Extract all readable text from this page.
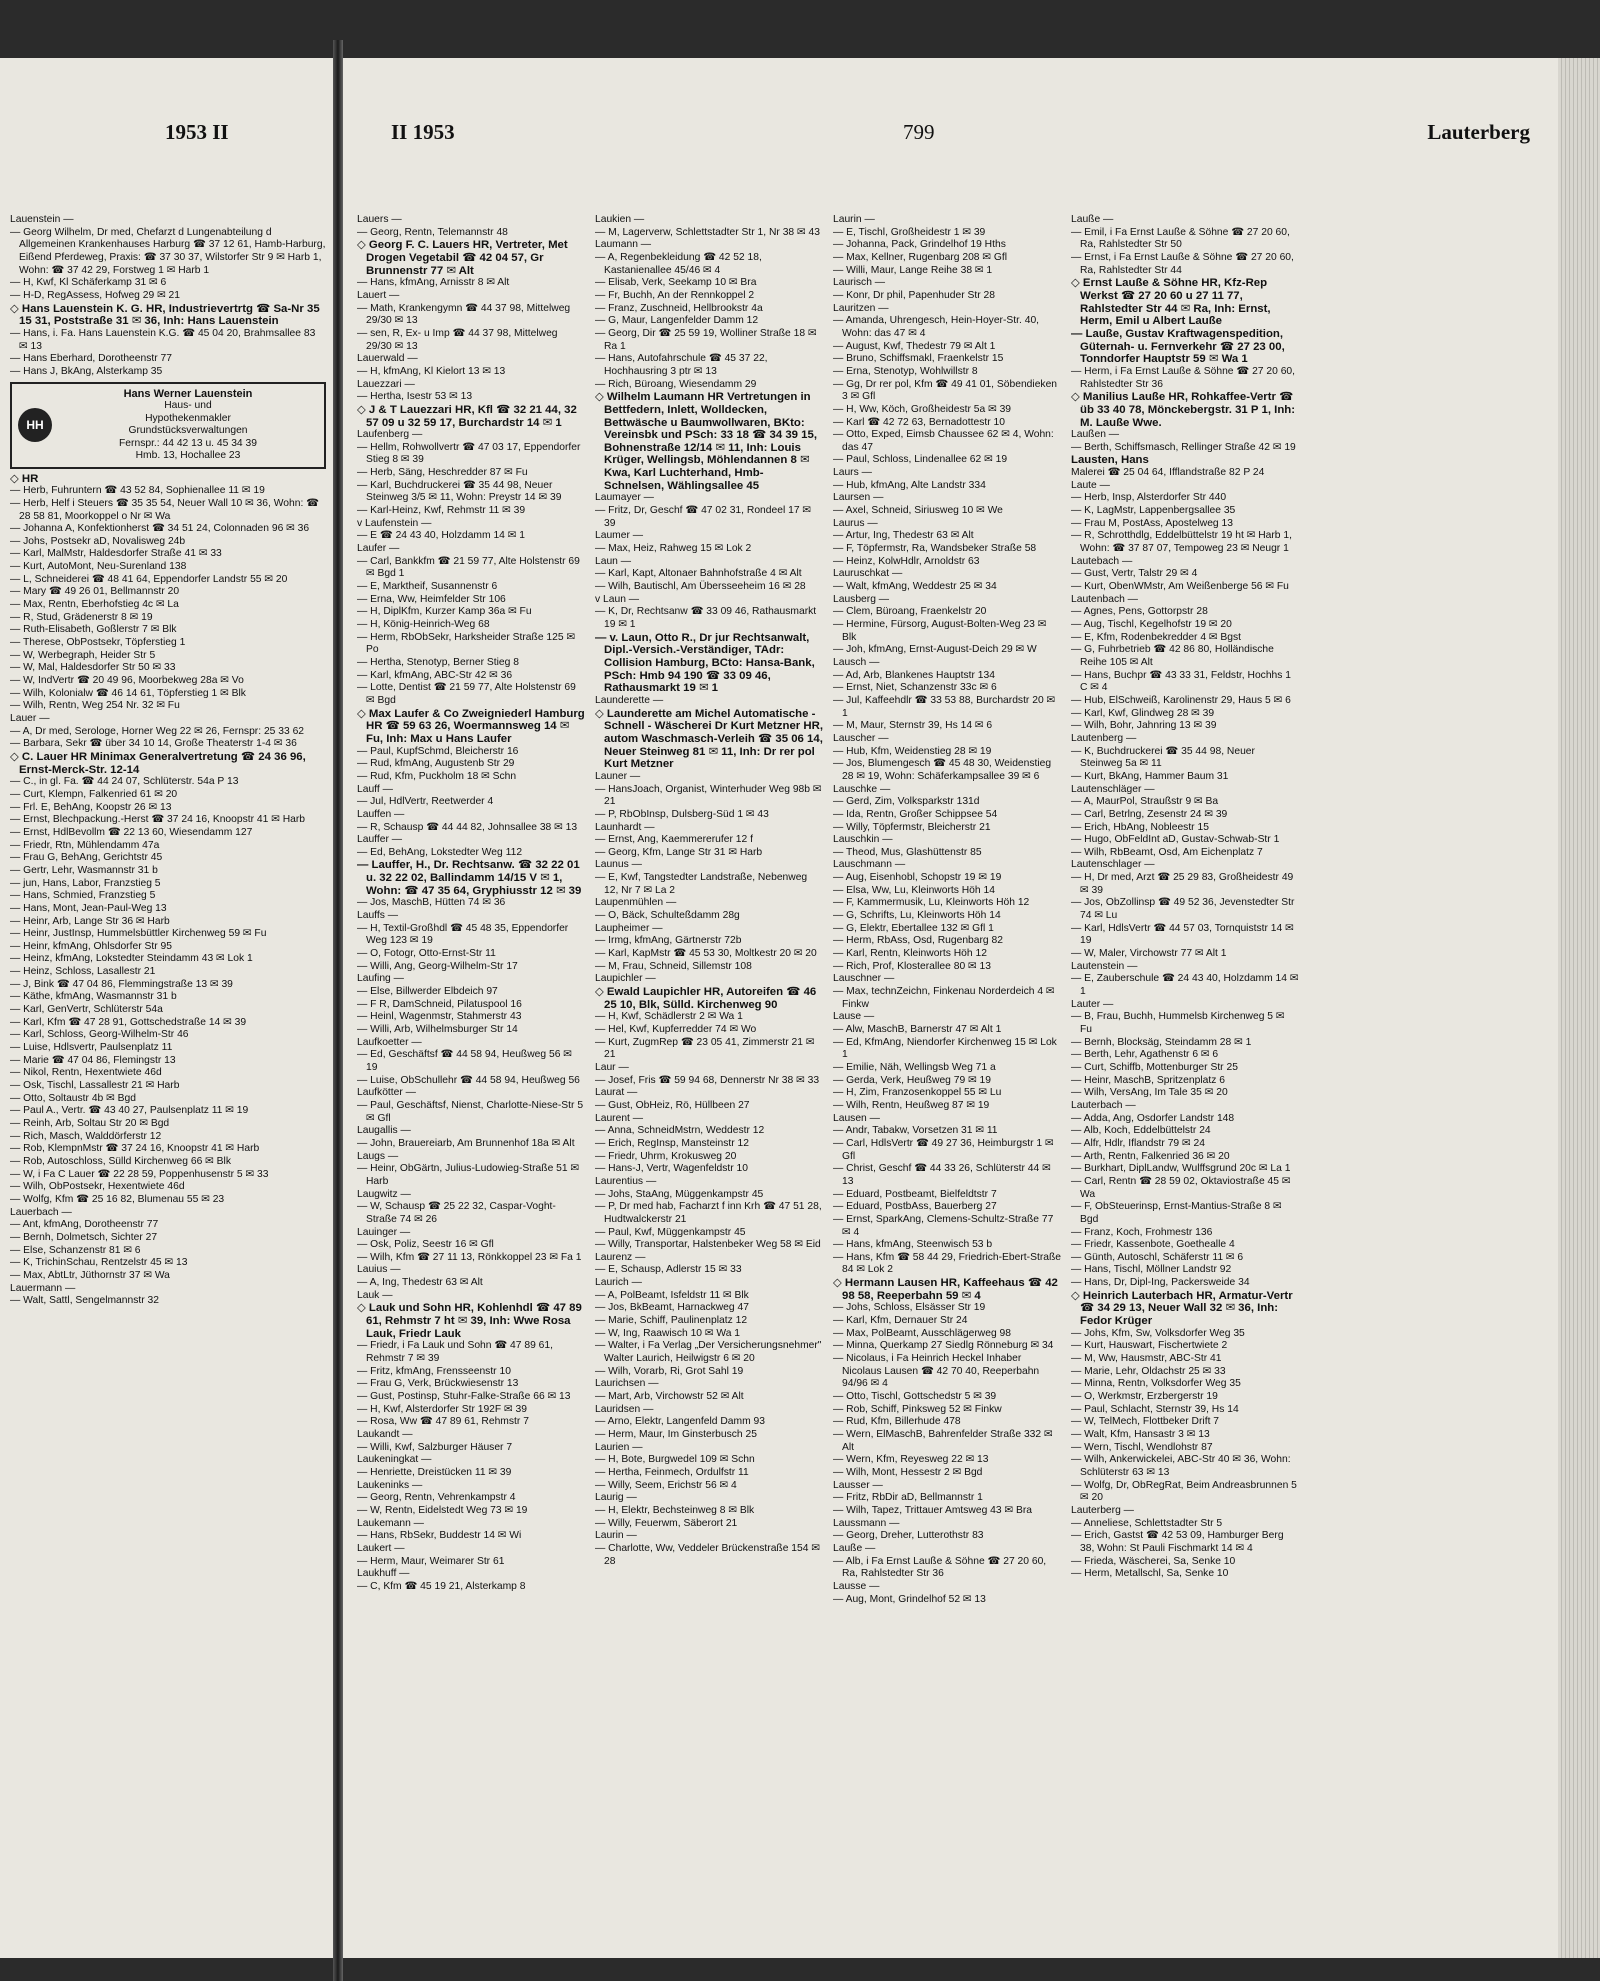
1953 II

Lauenstein —

— Georg Wilhelm, Dr med, Chefarzt d Lungenabteilung d Allgemeinen Krankenhauses Harburg ☎ 37 12 61, Hamb-Harburg, Eißend Pferdeweg, Praxis: ☎ 37 30 37, Wilstorfer Str 9 ✉ Harb 1, Wohn: ☎ 37 42 29, Forstweg 1 ✉ Harb 1

— H, Kwf, Kl Schäferkamp 31 ✉ 6

— H-D, RegAssess, Hofweg 29 ✉ 21

◇ Hans Lauenstein K. G. HR, Industrievertrtg ☎ Sa-Nr 35 15 31, Poststraße 31 ✉ 36, Inh: Hans Lauenstein

— Hans, i. Fa. Hans Lauenstein K.G. ☎ 45 04 20, Brahmsallee 83 ✉ 13

— Hans Eberhard, Dorotheenstr 77

— Hans J, BkAng, Alsterkamp 35

HH
Hans Werner Lauenstein
Haus- und
Hypothekenmakler
Grundstücksverwaltungen
Fernspr.: 44 42 13 u. 45 34 39
Hmb. 13, Hochallee 23

◇ HR

— Herb, Fuhruntern ☎ 43 52 84, Sophienallee 11 ✉ 19

— Herb, Helf i Steuers ☎ 35 35 54, Neuer Wall 10 ✉ 36, Wohn: ☎ 28 58 81, Moorkoppel o Nr ✉ Wa

— Johanna A, Konfektionherst ☎ 34 51 24, Colonnaden 96 ✉ 36

— Johs, Postsekr aD, Novalisweg 24b

— Karl, MalMstr, Haldesdorfer Straße 41 ✉ 33

— Kurt, AutoMont, Neu-Surenland 138

— L, Schneiderei ☎ 48 41 64, Eppendorfer Landstr 55 ✉ 20

— Mary ☎ 49 26 01, Bellmannstr 20

— Max, Rentn, Eberhofstieg 4c ✉ La

— R, Stud, Grädenerstr 8 ✉ 19

— Ruth-Elisabeth, Goßlerstr 7 ✉ Blk

— Therese, ObPostsekr, Töpferstieg 1

— W, Werbegraph, Heider Str 5

— W, Mal, Haldesdorfer Str 50 ✉ 33

— W, IndVertr ☎ 20 49 96, Moorbekweg 28a ✉ Vo

— Wilh, Kolonialw ☎ 46 14 61, Töpferstieg 1 ✉ Blk

— Wilh, Rentn, Weg 254 Nr. 32 ✉ Fu

Lauer —

— A, Dr med, Serologe, Horner Weg 22 ✉ 26, Fernspr: 25 33 62

— Barbara, Sekr ☎ über 34 10 14, Große Theaterstr 1-4 ✉ 36

◇ C. Lauer HR Minimax Generalvertretung ☎ 24 36 96, Ernst-Merck-Str. 12-14

— C., in gl. Fa. ☎ 44 24 07, Schlüterstr. 54a P 13

— Curt, Klempn, Falkenried 61 ✉ 20

— Frl. E, BehAng, Koopstr 26 ✉ 13

— Ernst, Blechpackung.-Herst ☎ 37 24 16, Knoopstr 41 ✉ Harb

— Ernst, HdlBevollm ☎ 22 13 60, Wiesendamm 127

— Friedr, Rtn, Mühlendamm 47a

— Frau G, BehAng, Gerichtstr 45

— Gertr, Lehr, Wasmannstr 31 b

— jun, Hans, Labor, Franzstieg 5

— Hans, Schmied, Franzstieg 5

— Hans, Mont, Jean-Paul-Weg 13

— Heinr, Arb, Lange Str 36 ✉ Harb

— Heinr, JustInsp, Hummelsbüttler Kirchenweg 59 ✉ Fu

— Heinr, kfmAng, Ohlsdorfer Str 95

— Heinz, kfmAng, Lokstedter Steindamm 43 ✉ Lok 1

— Heinz, Schloss, Lasallestr 21

— J, Bink ☎ 47 04 86, Flemmingstraße 13 ✉ 39

— Käthe, kfmAng, Wasmannstr 31 b

— Karl, GenVertr, Schlüterstr 54a

— Karl, Kfm ☎ 47 28 91, Gottschedstraße 14 ✉ 39

— Karl, Schloss, Georg-Wilhelm-Str 46

— Luise, Hdlsvertr, Paulsenplatz 11

— Marie ☎ 47 04 86, Flemingstr 13

— Nikol, Rentn, Hexentwiete 46d

— Osk, Tischl, Lassallestr 21 ✉ Harb

— Otto, Soltaustr 4b ✉ Bgd

— Paul A., Vertr. ☎ 43 40 27, Paulsenplatz 11 ✉ 19

— Reinh, Arb, Soltau Str 20 ✉ Bgd

— Rich, Masch, Walddörferstr 12

— Rob, KlempnMstr ☎ 37 24 16, Knoopstr 41 ✉ Harb

— Rob, Autoschloss, Sülld Kirchenweg 66 ✉ Blk

— W, i Fa C Lauer ☎ 22 28 59, Poppenhusenstr 5 ✉ 33

— Wilh, ObPostsekr, Hexentwiete 46d

— Wolfg, Kfm ☎ 25 16 82, Blumenau 55 ✉ 23

Lauerbach —

— Ant, kfmAng, Dorotheenstr 77

— Bernh, Dolmetsch, Sichter 27

— Else, Schanzenstr 81 ✉ 6

— K, TrichinSchau, Rentzelstr 45 ✉ 13

— Max, AbtLtr, Jüthornstr 37 ✉ Wa

Lauermann —

— Walt, Sattl, Sengelmannstr 32

II 1953	799	Lauterberg

Lauers —

— Georg, Rentn, Telemannstr 48

◇ Georg F. C. Lauers HR, Vertreter, Met Drogen Vegetabil ☎ 42 04 57, Gr Brunnenstr 77 ✉ Alt

— Hans, kfmAng, Arnisstr 8 ✉ Alt

Lauert —

— Math, Krankengymn ☎ 44 37 98, Mittelweg 29/30 ✉ 13

— sen, R, Ex- u Imp ☎ 44 37 98, Mittelweg 29/30 ✉ 13

Lauerwald —

— H, kfmAng, Kl Kielort 13 ✉ 13

Lauezzari —

— Hertha, Isestr 53 ✉ 13

◇ J & T Lauezzari HR, Kfl ☎ 32 21 44, 32 57 09 u 32 59 17, Burchardstr 14 ✉ 1

Laufenberg —

— Hellm, Rohwollvertr ☎ 47 03 17, Eppendorfer Stieg 8 ✉ 39

— Herb, Säng, Heschredder 87 ✉ Fu

— Karl, Buchdruckerei ☎ 35 44 98, Neuer Steinweg 3/5 ✉ 11, Wohn: Preystr 14 ✉ 39

— Karl-Heinz, Kwf, Rehmstr 11 ✉ 39

v Laufenstein —

— E ☎ 24 43 40, Holzdamm 14 ✉ 1

Laufer —

— Carl, Bankkfm ☎ 21 59 77, Alte Holstenstr 69 ✉ Bgd 1

— E, Marktheif, Susannenstr 6

— Erna, Ww, Heimfelder Str 106

— H, DiplKfm, Kurzer Kamp 36a ✉ Fu

— H, König-Heinrich-Weg 68

— Herm, RbObSekr, Harksheider Straße 125 ✉ Po

— Hertha, Stenotyp, Berner Stieg 8

— Karl, kfmAng, ABC-Str 42 ✉ 36

— Lotte, Dentist ☎ 21 59 77, Alte Holstenstr 69 ✉ Bgd

◇ Max Laufer & Co Zweigniederl Hamburg HR ☎ 59 63 26, Woermannsweg 14 ✉ Fu, Inh: Max u Hans Laufer

— Paul, KupfSchmd, Bleicherstr 16

— Rud, kfmAng, Augustenb Str 29

— Rud, Kfm, Puckholm 18 ✉ Schn

Lauff —

— Jul, HdlVertr, Reetwerder 4

Lauffen —

— R, Schausp ☎ 44 44 82, Johnsallee 38 ✉ 13

Lauffer —

— Ed, BehAng, Lokstedter Weg 112

— Lauffer, H., Dr. Rechtsanw. ☎ 32 22 01 u. 32 22 02, Ballindamm 14/15 V ✉ 1, Wohn: ☎ 47 35 64, Gryphiusstr 12 ✉ 39

— Jos, MaschB, Hütten 74 ✉ 36

Lauffs —

— H, Textil-Großhdl ☎ 45 48 35, Eppendorfer Weg 123 ✉ 19

— O, Fotogr, Otto-Ernst-Str 11

— Willi, Ang, Georg-Wilhelm-Str 17

Laufing —

— Else, Billwerder Elbdeich 97

— F R, DamSchneid, Pilatuspool 16

— Heinl, Wagenmstr, Stahmerstr 43

— Willi, Arb, Wilhelmsburger Str 14

Laufkoetter —

— Ed, Geschäftsf ☎ 44 58 94, Heußweg 56 ✉ 19

— Luise, ObSchullehr ☎ 44 58 94, Heußweg 56

Laufkötter —

— Paul, Geschäftsf, Nienst, Charlotte-Niese-Str 5 ✉ Gfl

Laugallis —

— John, Brauereiarb, Am Brunnenhof 18a ✉ Alt

Laugs —

— Heinr, ObGärtn, Julius-Ludowieg-Straße 51 ✉ Harb

Laugwitz —

— W, Schausp ☎ 25 22 32, Caspar-Voght-Straße 74 ✉ 26

Lauinger —

— Osk, Poliz, Seestr 16 ✉ Gfl

— Wilh, Kfm ☎ 27 11 13, Rönkkoppel 23 ✉ Fa 1

Lauius —

— A, Ing, Thedestr 63 ✉ Alt

Lauk —

◇ Lauk und Sohn HR, Kohlenhdl ☎ 47 89 61, Rehmstr 7 ht ✉ 39, Inh: Wwe Rosa Lauk, Friedr Lauk

— Friedr, i Fa Lauk und Sohn ☎ 47 89 61, Rehmstr 7 ✉ 39

— Fritz, kfmAng, Frensseenstr 10

— Frau G, Verk, Brückwiesenstr 13

— Gust, Postinsp, Stuhr-Falke-Straße 66 ✉ 13

— H, Kwf, Alsterdorfer Str 192F ✉ 39

— Rosa, Ww ☎ 47 89 61, Rehmstr 7

Laukandt —

— Willi, Kwf, Salzburger Häuser 7

Laukeningkat —

— Henriette, Dreistücken 11 ✉ 39

Laukeninks —

— Georg, Rentn, Vehrenkampstr 4

— W, Rentn, Eidelstedt Weg 73 ✉ 19

Laukemann —

— Hans, RbSekr, Buddestr 14 ✉ Wi

Laukert —

— Herm, Maur, Weimarer Str 61

Laukhuff —

— C, Kfm ☎ 45 19 21, Alsterkamp 8

Laukien —

— M, Lagerverw, Schlettstadter Str 1, Nr 38 ✉ 43

Laumann —

— A, Regenbekleidung ☎ 42 52 18, Kastanienallee 45/46 ✉ 4

— Elisab, Verk, Seekamp 10 ✉ Bra

— Fr, Buchh, An der Rennkoppel 2

— Franz, Zuschneid, Hellbrookstr 4a

— G, Maur, Langenfelder Damm 12

— Georg, Dir ☎ 25 59 19, Wolliner Straße 18 ✉ Ra 1

— Hans, Autofahrschule ☎ 45 37 22, Hochhausring 3 ptr ✉ 13

— Rich, Büroang, Wiesendamm 29

◇ Wilhelm Laumann HR Vertretungen in Bettfedern, Inlett, Wolldecken, Bettwäsche u Baumwollwaren, BKto: Vereinsbk und PSch: 33 18 ☎ 34 39 15, Bohnenstraße 12/14 ✉ 11, Inh: Louis Krüger, Wellingsb, Möhlendannen 8 ✉ Kwa, Karl Luchterhand, Hmb-Schnelsen, Wählingsallee 45

Laumayer —

— Fritz, Dr, Geschf ☎ 47 02 31, Rondeel 17 ✉ 39

Laumer —

— Max, Heiz, Rahweg 15 ✉ Lok 2

Laun —

— Karl, Kapt, Altonaer Bahnhofstraße 4 ✉ Alt

— Wilh, Bautischl, Am Übersseeheim 16 ✉ 28

v Laun —

— K, Dr, Rechtsanw ☎ 33 09 46, Rathausmarkt 19 ✉ 1

— v. Laun, Otto R., Dr jur Rechtsanwalt, Dipl.-Versich.-Verständiger, TAdr: Collision Hamburg, BCto: Hansa-Bank, PSch: Hmb 94 190 ☎ 33 09 46, Rathausmarkt 19 ✉ 1

Launderette —

◇ Launderette am Michel Automatische - Schnell - Wäscherei Dr Kurt Metzner HR, autom Waschmasch-Verleih ☎ 35 06 14, Neuer Steinweg 81 ✉ 11, Inh: Dr rer pol Kurt Metzner

Launer —

— HansJoach, Organist, Winterhuder Weg 98b ✉ 21

— P, RbObInsp, Dulsberg-Süd 1 ✉ 43

Launhardt —

— Ernst, Ang, Kaemmererufer 12 f

— Georg, Kfm, Lange Str 31 ✉ Harb

Launus —

— E, Kwf, Tangstedter Landstraße, Nebenweg 12, Nr 7 ✉ La 2

Laupenmühlen —

— O, Bäck, Schulteßdamm 28g

Laupheimer —

— Irmg, kfmAng, Gärtnerstr 72b

— Karl, KapMstr ☎ 45 53 30, Moltkestr 20 ✉ 20

— M, Frau, Schneid, Sillemstr 108

Laupichler —

◇ Ewald Laupichler HR, Autoreifen ☎ 46 25 10, Blk, Sülld. Kirchenweg 90

— H, Kwf, Schädlerstr 2 ✉ Wa 1

— Hel, Kwf, Kupferredder 74 ✉ Wo

— Kurt, ZugmRep ☎ 23 05 41, Zimmerstr 21 ✉ 21

Laur —

— Josef, Fris ☎ 59 94 68, Dennerstr Nr 38 ✉ 33

Laurat —

— Gust, ObHeiz, Rö, Hüllbeen 27

Laurent —

— Anna, SchneidMstrn, Weddestr 12

— Erich, RegInsp, Mansteinstr 12

— Friedr, Uhrm, Krokusweg 20

— Hans-J, Vertr, Wagenfeldstr 10

Laurentius —

— Johs, StaAng, Müggenkampstr 45

— P, Dr med hab, Facharzt f inn Krh ☎ 47 51 28, Hudtwalckerstr 21

— Paul, Kwf, Müggenkampstr 45

— Willy, Transportar, Halstenbeker Weg 58 ✉ Eid

Laurenz —

— E, Schausp, Adlerstr 15 ✉ 33

Laurich —

— A, PolBeamt, Isfeldstr 11 ✉ Blk

— Jos, BkBeamt, Harnackweg 47

— Marie, Schiff, Paulinenplatz 12

— W, Ing, Raawisch 10 ✉ Wa 1

— Walter, i Fa Verlag „Der Versicherungsnehmer" Walter Laurich, Heilwigstr 6 ✉ 20

— Wilh, Vorarb, Ri, Grot Sahl 19

Laurichsen —

— Mart, Arb, Virchowstr 52 ✉ Alt

Lauridsen —

— Arno, Elektr, Langenfeld Damm 93

— Herm, Maur, Im Ginsterbusch 25

Laurien —

— H, Bote, Burgwedel 109 ✉ Schn

— Hertha, Feinmech, Ordulfstr 11

— Willy, Seem, Erichstr 56 ✉ 4

Laurig —

— H, Elektr, Bechsteinweg 8 ✉ Blk

— Willy, Feuerwm, Säberort 21

Laurin —

— Charlotte, Ww, Veddeler Brückenstraße 154 ✉ 28

Laurin —

— E, Tischl, Großheidestr 1 ✉ 39

— Johanna, Pack, Grindelhof 19 Hths

— Max, Kellner, Rugenbarg 208 ✉ Gfl

— Willi, Maur, Lange Reihe 38 ✉ 1

Laurisch —

— Konr, Dr phil, Papenhuder Str 28

Lauritzen —

— Amanda, Uhrengesch, Hein-Hoyer-Str. 40, Wohn: das 47 ✉ 4

— August, Kwf, Thedestr 79 ✉ Alt 1

— Bruno, Schiffsmakl, Fraenkelstr 15

— Erna, Stenotyp, Wohlwillstr 8

— Gg, Dr rer pol, Kfm ☎ 49 41 01, Söbendieken 3 ✉ Gfl

— H, Ww, Köch, Großheidestr 5a ✉ 39

— Karl ☎ 42 72 63, Bernadottestr 10

— Otto, Exped, Eimsb Chaussee 62 ✉ 4, Wohn: das 47

— Paul, Schloss, Lindenallee 62 ✉ 19

Laurs —

— Hub, kfmAng, Alte Landstr 334

Laursen —

— Axel, Schneid, Siriusweg 10 ✉ We

Laurus —

— Artur, Ing, Thedestr 63 ✉ Alt

— F, Töpfermstr, Ra, Wandsbeker Straße 58

— Heinz, KolwHdlr, Arnoldstr 63

Lauruschkat —

— Walt, kfmAng, Weddestr 25 ✉ 34

Lausberg —

— Clem, Büroang, Fraenkelstr 20

— Hermine, Fürsorg, August-Bolten-Weg 23 ✉ Blk

— Joh, kfmAng, Ernst-August-Deich 29 ✉ W

Lausch —

— Ad, Arb, Blankenes Hauptstr 134

— Ernst, Niet, Schanzenstr 33c ✉ 6

— Jul, Kaffeehdlr ☎ 33 53 88, Burchardstr 20 ✉ 1

— M, Maur, Sternstr 39, Hs 14 ✉ 6

Lauscher —

— Hub, Kfm, Weidenstieg 28 ✉ 19

— Jos, Blumengesch ☎ 45 48 30, Weidenstieg 28 ✉ 19, Wohn: Schäferkampsallee 39 ✉ 6

Lauschke —

— Gerd, Zim, Volksparkstr 131d

— Ida, Rentn, Großer Schippsee 54

— Willy, Töpfermstr, Bleicherstr 21

Lauschkin —

— Theod, Mus, Glashüttenstr 85

Lauschmann —

— Aug, Eisenhobl, Schopstr 19 ✉ 19

— Elsa, Ww, Lu, Kleinworts Höh 14

— F, Kammermusik, Lu, Kleinworts Höh 12

— G, Schrifts, Lu, Kleinworts Höh 14

— G, Elektr, Ebertallee 132 ✉ Gfl 1

— Herm, RbAss, Osd, Rugenbarg 82

— Karl, Rentn, Kleinworts Höh 12

— Rich, Prof, Klosterallee 80 ✉ 13

Lauschner —

— Max, technZeichn, Finkenau Norderdeich 4 ✉ Finkw

Lause —

— Alw, MaschB, Barnerstr 47 ✉ Alt 1

— Ed, KfmAng, Niendorfer Kirchenweg 15 ✉ Lok 1

— Emilie, Näh, Wellingsb Weg 71 a

— Gerda, Verk, Heußweg 79 ✉ 19

— H, Zim, Franzosenkoppel 55 ✉ Lu

— Wilh, Rentn, Heußweg 87 ✉ 19

Lausen —

— Andr, Tabakw, Vorsetzen 31 ✉ 11

— Carl, HdlsVertr ☎ 49 27 36, Heimburgstr 1 ✉ Gfl

— Christ, Geschf ☎ 44 33 26, Schlüterstr 44 ✉ 13

— Eduard, Postbeamt, Bielfeldtstr 7

— Eduard, PostbAss, Bauerberg 27

— Ernst, SparkAng, Clemens-Schultz-Straße 77 ✉ 4

— Hans, kfmAng, Steenwisch 53 b

— Hans, Kfm ☎ 58 44 29, Friedrich-Ebert-Straße 84 ✉ Lok 2

◇ Hermann Lausen HR, Kaffeehaus ☎ 42 98 58, Reeperbahn 59 ✉ 4

— Johs, Schloss, Elsässer Str 19

— Karl, Kfm, Dernauer Str 24

— Max, PolBeamt, Ausschlägerweg 98

— Minna, Querkamp 27 Siedlg Rönneburg ✉ 34

— Nicolaus, i Fa Heinrich Heckel Inhaber Nicolaus Lausen ☎ 42 70 40, Reeperbahn 94/96 ✉ 4

— Otto, Tischl, Gottschedstr 5 ✉ 39

— Rob, Schiff, Pinksweg 52 ✉ Finkw

— Rud, Kfm, Billerhude 478

— Wern, ElMaschB, Bahrenfelder Straße 332 ✉ Alt

— Wern, Kfm, Reyesweg 22 ✉ 13

— Wilh, Mont, Hessestr 2 ✉ Bgd

Lausser —

— Fritz, RbDir aD, Bellmannstr 1

— Wilh, Tapez, Trittauer Amtsweg 43 ✉ Bra

Laussmann —

— Georg, Dreher, Lutterothstr 83

Lauße —

— Alb, i Fa Ernst Lauße & Söhne ☎ 27 20 60, Ra, Rahlstedter Str 36

Lausse —

— Aug, Mont, Grindelhof 52 ✉ 13

Lauße —

— Emil, i Fa Ernst Lauße & Söhne ☎ 27 20 60, Ra, Rahlstedter Str 50

— Ernst, i Fa Ernst Lauße & Söhne ☎ 27 20 60, Ra, Rahlstedter Str 44

◇ Ernst Lauße & Söhne HR, Kfz-Rep Werkst ☎ 27 20 60 u 27 11 77, Rahlstedter Str 44 ✉ Ra, Inh: Ernst, Herm, Emil u Albert Lauße

— Lauße, Gustav Kraftwagenspedition, Güternah- u. Fernverkehr ☎ 27 23 00, Tonndorfer Hauptstr 59 ✉ Wa 1

— Herm, i Fa Ernst Lauße & Söhne ☎ 27 20 60, Rahlstedter Str 36

◇ Manilius Lauße HR, Rohkaffee-Vertr ☎ üb 33 40 78, Mönckebergstr. 31 P 1, Inh: M. Lauße Wwe.

Laußen —

— Berth, Schiffsmasch, Rellinger Straße 42 ✉ 19

Lausten, Hans

Malerei ☎ 25 04 64, Ifflandstraße 82 P 24

Laute —

— Herb, Insp, Alsterdorfer Str 440

— K, LagMstr, Lappenbergsallee 35

— Frau M, PostAss, Apostelweg 13

— R, Schrotthdlg, Eddelbüttelstr 19 ht ✉ Harb 1, Wohn: ☎ 37 87 07, Tempoweg 23 ✉ Neugr 1

Lautebach —

— Gust, Vertr, Talstr 29 ✉ 4

— Kurt, ObenWMstr, Am Weißenberge 56 ✉ Fu

Lautenbach —

— Agnes, Pens, Gottorpstr 28

— Aug, Tischl, Kegelhofstr 19 ✉ 20

— E, Kfm, Rodenbekredder 4 ✉ Bgst

— G, Fuhrbetrieb ☎ 42 86 80, Holländische Reihe 105 ✉ Alt

— Hans, Buchpr ☎ 43 33 31, Feldstr, Hochhs 1 C ✉ 4

— Hub, ElSchweiß, Karolinenstr 29, Haus 5 ✉ 6

— Karl, Kwf, Glindweg 28 ✉ 39

— Wilh, Bohr, Jahnring 13 ✉ 39

Lautenberg —

— K, Buchdruckerei ☎ 35 44 98, Neuer Steinweg 5a ✉ 11

— Kurt, BkAng, Hammer Baum 31

Lautenschläger —

— A, MaurPol, Straußstr 9 ✉ Ba

— Carl, Betrlng, Zesenstr 24 ✉ 39

— Erich, HbAng, Nobleestr 15

— Hugo, ObFeldInt aD, Gustav-Schwab-Str 1

— Wilh, RbBeamt, Osd, Am Eichenplatz 7

Lautenschlager —

— H, Dr med, Arzt ☎ 25 29 83, Großheidestr 49 ✉ 39

— Jos, ObZollinsp ☎ 49 52 36, Jevenstedter Str 74 ✉ Lu

— Karl, HdlsVertr ☎ 44 57 03, Tornquiststr 14 ✉ 19

— W, Maler, Virchowstr 77 ✉ Alt 1

Lautenstein —

— E, Zauberschule ☎ 24 43 40, Holzdamm 14 ✉ 1

Lauter —

— B, Frau, Buchh, Hummelsb Kirchenweg 5 ✉ Fu

— Bernh, Blocksäg, Steindamm 28 ✉ 1

— Berth, Lehr, Agathenstr 6 ✉ 6

— Curt, Schiffb, Mottenburger Str 25

— Heinr, MaschB, Spritzenplatz 6

— Wilh, VersAng, Im Tale 35 ✉ 20

Lauterbach —

— Adda, Ang, Osdorfer Landstr 148

— Alb, Koch, Eddelbüttelstr 24

— Alfr, Hdlr, Iflandstr 79 ✉ 24

— Arth, Rentn, Falkenried 36 ✉ 20

— Burkhart, DiplLandw, Wulffsgrund 20c ✉ La 1

— Carl, Rentn ☎ 28 59 02, Oktaviostraße 45 ✉ Wa

— F, ObSteuerinsp, Ernst-Mantius-Straße 8 ✉ Bgd

— Franz, Koch, Frohmestr 136

— Friedr, Kassenbote, Goethealle 4

— Günth, Autoschl, Schäferstr 11 ✉ 6

— Hans, Tischl, Möllner Landstr 92

— Hans, Dr, Dipl-Ing, Packersweide 34

◇ Heinrich Lauterbach HR, Armatur-Vertr ☎ 34 29 13, Neuer Wall 32 ✉ 36, Inh: Fedor Krüger

— Johs, Kfm, Sw, Volksdorfer Weg 35

— Kurt, Hauswart, Fischertwiete 2

— M, Ww, Hausmstr, ABC-Str 41

— Marie, Lehr, Oldachstr 25 ✉ 33

— Minna, Rentn, Volksdorfer Weg 35

— O, Werkmstr, Erzbergerstr 19

— Paul, Schlacht, Sternstr 39, Hs 14

— W, TelMech, Flottbeker Drift 7

— Walt, Kfm, Hansastr 3 ✉ 13

— Wern, Tischl, Wendlohstr 87

— Wilh, Ankerwickelei, ABC-Str 40 ✉ 36, Wohn: Schlüterstr 63 ✉ 13

— Wolfg, Dr, ObRegRat, Beim Andreasbrunnen 5 ✉ 20

Lauterberg —

— Anneliese, Schlettstadter Str 5

— Erich, Gastst ☎ 42 53 09, Hamburger Berg 38, Wohn: St Pauli Fischmarkt 14 ✉ 4

— Frieda, Wäscherei, Sa, Senke 10

— Herm, Metallschl, Sa, Senke 10
